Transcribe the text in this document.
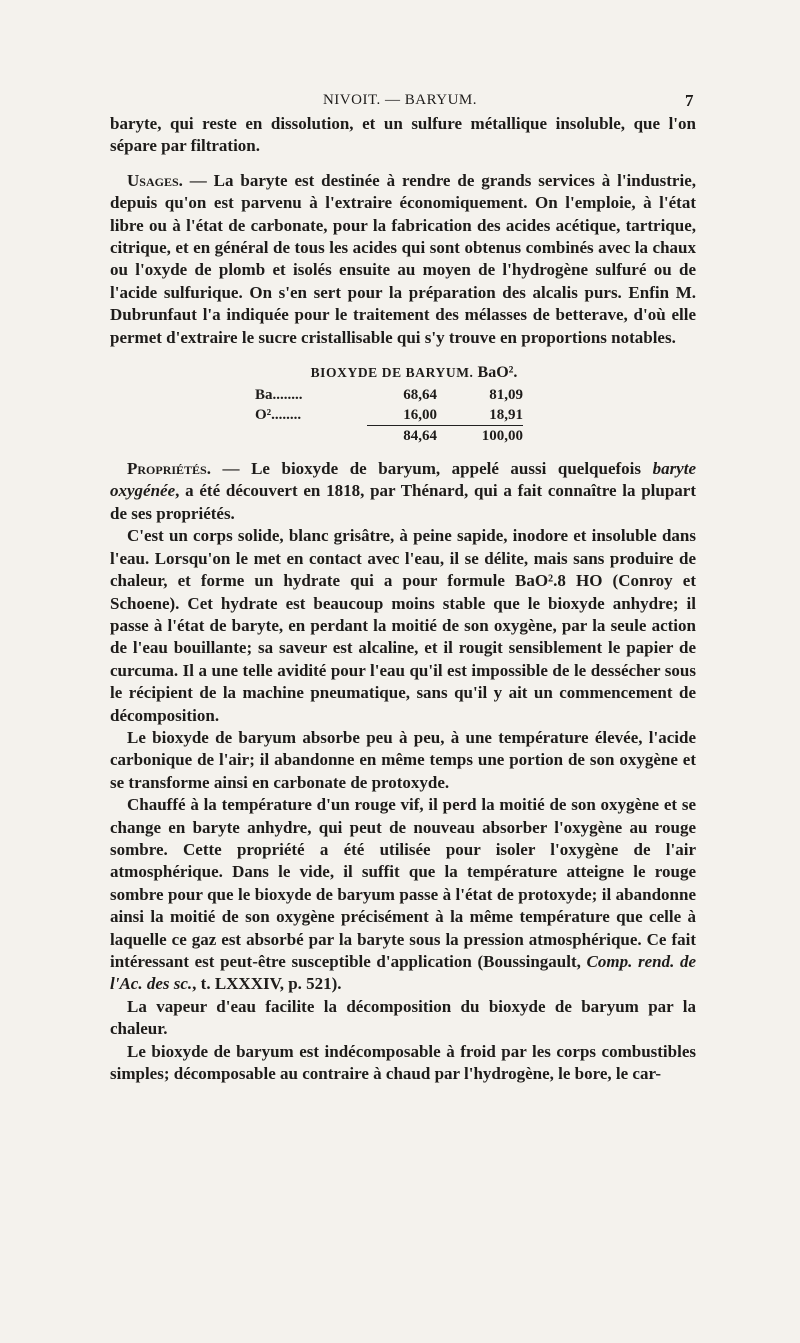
NIVOIT. — BARYUM.	7

baryte, qui reste en dissolution, et un sulfure métallique insoluble, que l'on sépare par filtration.

Usages. — La baryte est destinée à rendre de grands services à l'industrie, depuis qu'on est parvenu à l'extraire économiquement. On l'emploie, à l'état libre ou à l'état de carbonate, pour la fabrication des acides acétique, tartrique, citrique, et en général de tous les acides qui sont obtenus combinés avec la chaux ou l'oxyde de plomb et isolés ensuite au moyen de l'hydrogène sulfuré ou de l'acide sulfurique. On s'en sert pour la préparation des alcalis purs. Enfin M. Dubrunfaut l'a indiquée pour le traitement des mélasses de betterave, d'où elle permet d'extraire le sucre cristallisable qui s'y trouve en proportions notables.

BIOXYDE DE BARYUM. BaO².
Ba........	68,64	81,09
O²........	16,00	18,91
	84,64	100,00

Propriétés. — Le bioxyde de baryum, appelé aussi quelquefois baryte oxygénée, a été découvert en 1818, par Thénard, qui a fait connaître la plupart de ses propriétés.

C'est un corps solide, blanc grisâtre, à peine sapide, inodore et insoluble dans l'eau. Lorsqu'on le met en contact avec l'eau, il se délite, mais sans produire de chaleur, et forme un hydrate qui a pour formule BaO².8 HO (Conroy et Schoene). Cet hydrate est beaucoup moins stable que le bioxyde anhydre; il passe à l'état de baryte, en perdant la moitié de son oxygène, par la seule action de l'eau bouillante; sa saveur est alcaline, et il rougit sensiblement le papier de curcuma. Il a une telle avidité pour l'eau qu'il est impossible de le dessécher sous le récipient de la machine pneumatique, sans qu'il y ait un commencement de décomposition.

Le bioxyde de baryum absorbe peu à peu, à une température élevée, l'acide carbonique de l'air; il abandonne en même temps une portion de son oxygène et se transforme ainsi en carbonate de protoxyde.

Chauffé à la température d'un rouge vif, il perd la moitié de son oxygène et se change en baryte anhydre, qui peut de nouveau absorber l'oxygène au rouge sombre. Cette propriété a été utilisée pour isoler l'oxygène de l'air atmosphérique. Dans le vide, il suffit que la température atteigne le rouge sombre pour que le bioxyde de baryum passe à l'état de protoxyde; il abandonne ainsi la moitié de son oxygène précisément à la même température que celle à laquelle ce gaz est absorbé par la baryte sous la pression atmosphérique. Ce fait intéressant est peut-être susceptible d'application (Boussingault, Comp. rend. de l'Ac. des sc., t. LXXXIV, p. 521).

La vapeur d'eau facilite la décomposition du bioxyde de baryum par la chaleur.

Le bioxyde de baryum est indécomposable à froid par les corps combustibles simples; décomposable au contraire à chaud par l'hydrogène, le bore, le car-
